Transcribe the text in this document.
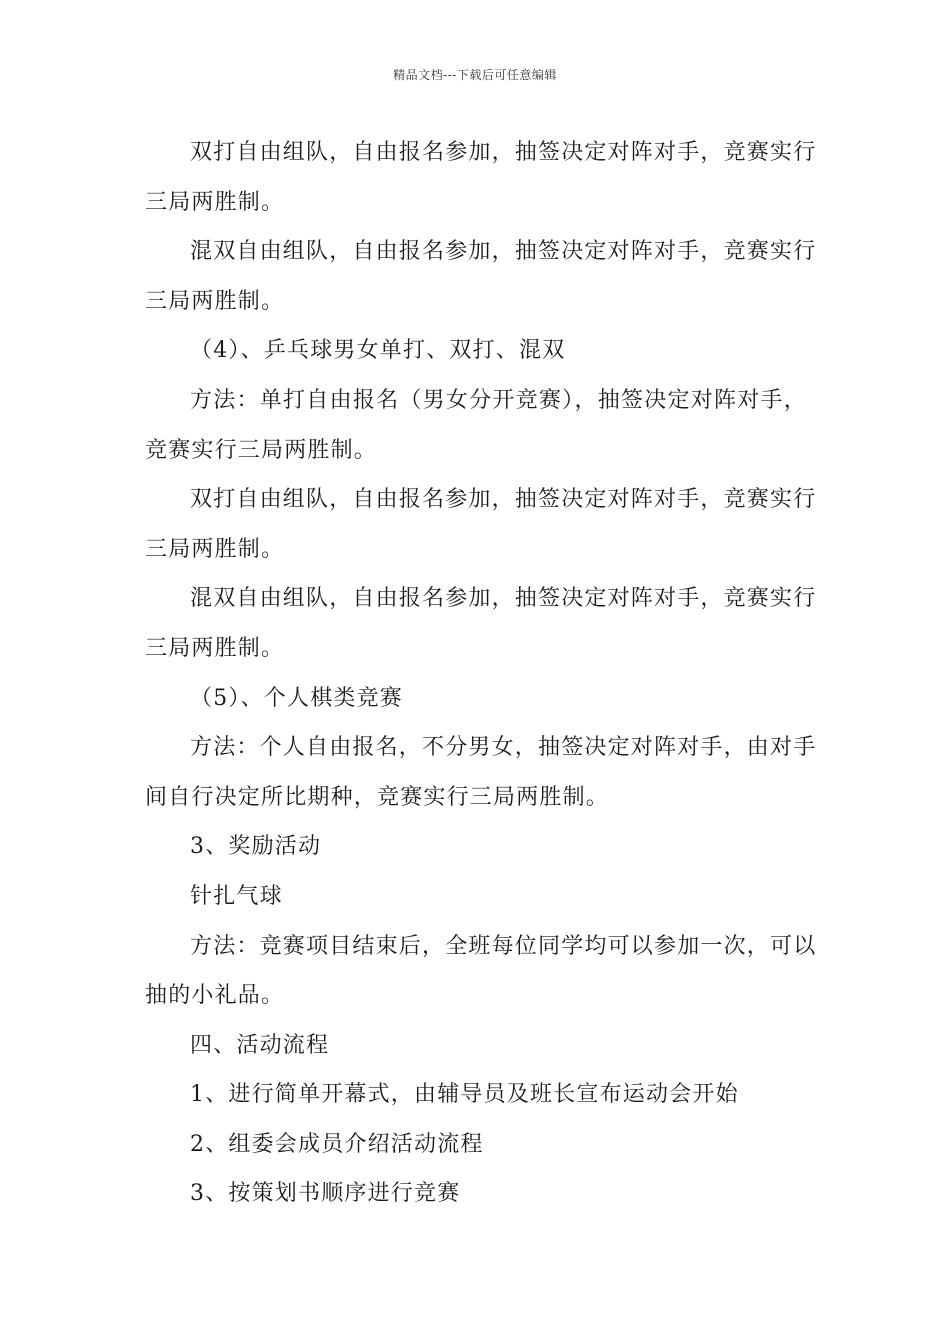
精品文档---下载后可任意编辑
双打自由组队，自由报名参加，抽签决定对阵对手，竞赛实行
三局两胜制。
混双自由组队，自由报名参加，抽签决定对阵对手，竞赛实行
三局两胜制。
（4）、乒乓球男女单打、双打、混双
方法：单打自由报名（男女分开竞赛），抽签决定对阵对手，
竞赛实行三局两胜制。
双打自由组队，自由报名参加，抽签决定对阵对手，竞赛实行
三局两胜制。
混双自由组队，自由报名参加，抽签决定对阵对手，竞赛实行
三局两胜制。
（5）、个人棋类竞赛
方法：个人自由报名，不分男女，抽签决定对阵对手，由对手
间自行决定所比期种，竞赛实行三局两胜制。
3、奖励活动
针扎气球
方法：竞赛项目结束后，全班每位同学均可以参加一次，可以
抽的小礼品。
四、活动流程
1、进行简单开幕式，由辅导员及班长宣布运动会开始
2、组委会成员介绍活动流程
3、按策划书顺序进行竞赛
